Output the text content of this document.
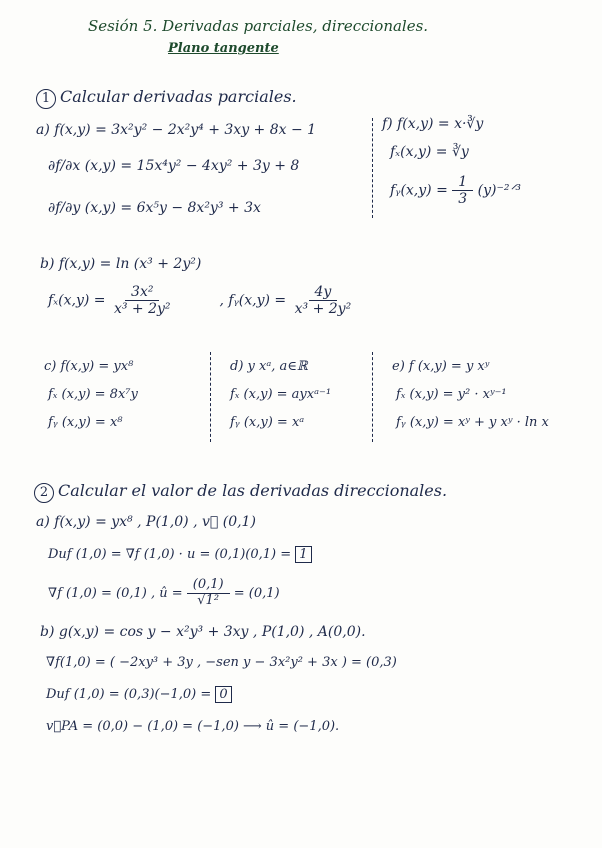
Sesión 5. Derivadas parciales, direccionales.
Plano tangente
1 Calcular derivadas parciales.
a) f(x,y) = 3x²y² − 2x²y⁴ + 3xy + 8x − 1
∂f/∂x (x,y) = 15x⁴y² − 4xy² + 3y + 8
∂f/∂y (x,y) = 6x⁵y − 8x²y³ + 3x
f) f(x,y) = x·∛y
fₓ(x,y) = ∛y
fᵧ(x,y) = $\frac{1}{3}$ (y)⁻²ᐟ³
b) f(x,y) = ln (x³ + 2y²)
$f_x(x,y) = \frac{\text{3x²}}{\text{x³ + 2y²}}$	, fᵧ(x,y) = $\frac{4y}{\text{x³ + 2y²}}$
c) f(x,y) = yx⁸
fₓ (x,y) = 8x⁷y
fᵧ (x,y) = x⁸
d) y xᵃ, a∈ℝ
fₓ (x,y) = ayxᵃ⁻¹
fᵧ (x,y) = xᵃ
e) f (x,y) = y xʸ
fₓ (x,y) = y² · xʸ⁻¹
fᵧ (x,y) = xʸ + y xʸ · ln x
2 Calcular el valor de las derivadas direccionales.
a) f(x,y) = yx⁸ , P(1,0) , v⃗ (0,1)
Duf (1,0) = ∇f (1,0) · u = (0,1)(0,1) = 1
∇f (1,0) = (0,1) , û = $\frac{(0,1)}{\text{√1²}} = (0,1)$
b) g(x,y) = cos y − x²y³ + 3xy , P(1,0) , A(0,0).
∇f(1,0) = ( −2xy³ + 3y , −sen y − 3x²y² + 3x ) = (0,3)
Duf (1,0) = (0,3)(−1,0) = 0
v⃗PA = (0,0) − (1,0) = (−1,0) ⟶ û = (−1,0).
